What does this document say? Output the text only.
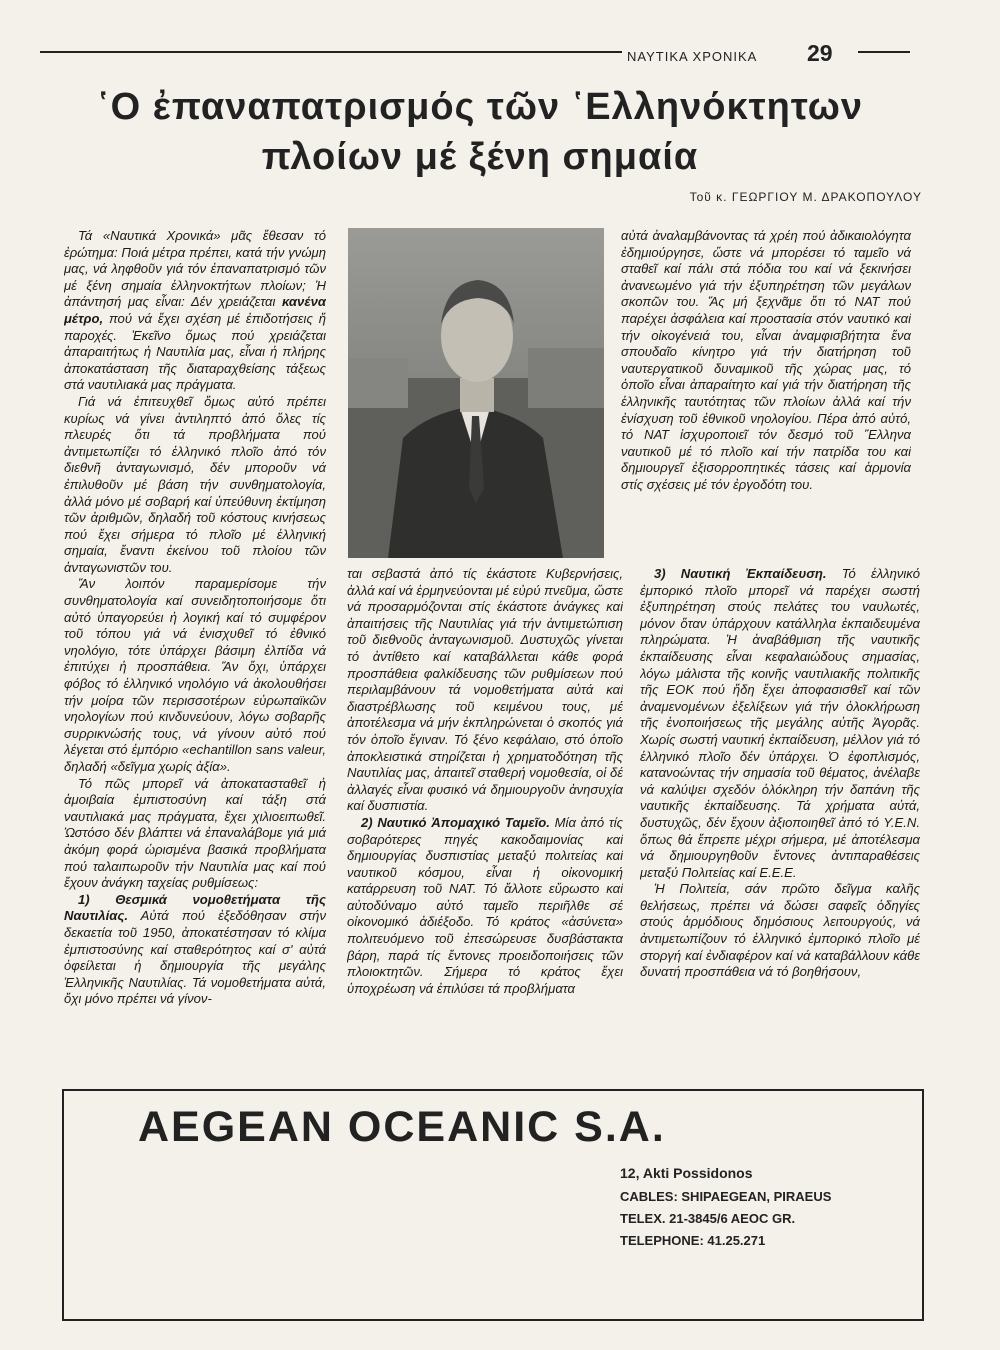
ΝΑΥΤΙΚΑ ΧΡΟΝΙΚΑ 29
῾Ο ἐπαναπατρισμός τῶν ῾Ελληνόκτητων
πλοίων μέ ξένη σημαία
Τοῦ κ. ΓΕΩΡΓΙΟΥ Μ. ΔΡΑΚΟΠΟΥΛΟΥ

Τά «Ναυτικά Χρονικά» μᾶς ἔθεσαν τό ἐρώτημα: Ποιά μέτρα πρέπει, κατά τήν γνώμη μας, νά ληφθοῦν γιά τόν ἐπαναπατρισμό τῶν μέ ξένη σημαία ἑλληνοκτήτων πλοίων; Ἡ ἀπάντησή μας εἶναι: Δέν χρειάζεται κανένα μέτρο, πού νά ἔχει σχέση μέ ἐπιδοτήσεις ἤ παροχές. Ἐκεῖνο ὅμως πού χρειάζεται ἀπαραιτήτως ἡ Ναυτιλία μας, εἶναι ἡ πλήρης ἀποκατάσταση τῆς διαταραχθείσης τάξεως στά ναυτιλιακά μας πράγματα.

Γιά νά ἐπιτευχθεῖ ὅμως αὐτό πρέπει κυρίως νά γίνει ἀντιληπτό ἀπό ὅλες τίς πλευρές ὅτι τά προβλήματα πού ἀντιμετωπίζει τό ἑλληνικό πλοῖο ἀπό τόν διεθνῆ ἀνταγωνισμό, δέν μποροῦν νά ἐπιλυθοῦν μέ βάση τήν συνθηματολογία, ἀλλά μόνο μέ σοβαρή καί ὑπεύθυνη ἐκτίμηση τῶν ἀριθμῶν, δηλαδή τοῦ κόστους κινήσεως πού ἔχει σήμερα τό πλοῖο μέ ἑλληνική σημαία, ἔναντι ἐκείνου τοῦ πλοίου τῶν ἀνταγωνιστῶν του.

Ἄν λοιπόν παραμερίσομε τήν συνθηματολογία καί συνειδητοποιήσομε ὅτι αὐτό ὑπαγορεύει ἡ λογική καί τό συμφέρον τοῦ τόπου γιά νά ἐνισχυθεῖ τό ἐθνικό νηολόγιο, τότε ὑπάρχει βάσιμη ἐλπίδα νά ἐπιτύχει ἡ προσπάθεια. Ἄν ὄχι, ὑπάρχει φόβος τό ἑλληνικό νηολόγιο νά ἀκολουθήσει τήν μοίρα τῶν περισσοτέρων εὐρωπαϊκῶν νηολογίων πού κινδυνεύουν, λόγω σοβαρῆς συρρικνώσής τους, νά γίνουν αὐτό πού λέγεται στό ἐμπόριο «echantillon sans valeur, δηλαδή «δεῖγμα χωρίς ἀξία».

Τό πῶς μπορεῖ νά ἀποκατασταθεῖ ἡ ἀμοιβαία ἐμπιστοσύνη καί τάξη στά ναυτιλιακά μας πράγματα, ἔχει χιλιοειπωθεῖ. Ὡστόσο δέν βλάπτει νά ἐπαναλάβομε γιά μιά ἀκόμη φορά ὡρισμένα βασικά προβλήματα πού ταλαιπωροῦν τήν Ναυτιλία μας καί πού ἔχουν ἀνάγκη ταχείας ρυθμίσεως:

1) Θεσμικά νομοθετήματα τῆς Ναυτιλίας. Αὐτά πού ἐξεδόθησαν στήν δεκαετία τοῦ 1950, ἀποκατέστησαν τό κλίμα ἐμπιστοσύνης καί σταθερότητος καί σ' αὐτά ὀφείλεται ἡ δημιουργία τῆς μεγάλης Ἑλληνικῆς Ναυτιλίας. Τά νομοθετήματα αὐτά, ὄχι μόνο πρέπει νά γίνον-

αὐτά ἀναλαμβάνοντας τά χρέη πού ἀδικαιολόγητα ἐδημιούργησε, ὥστε νά μπορέσει τό ταμεῖο νά σταθεῖ καί πάλι στά πόδια του καί νά ξεκινήσει ἀνανεωμένο γιά τήν ἐξυπηρέτηση τῶν μεγάλων σκοπῶν του. Ἄς μή ξεχνᾶμε ὅτι τό ΝΑΤ πού παρέχει ἀσφάλεια καί προστασία στόν ναυτικό καί τήν οἰκογένειά του, εἶναι ἀναμφισβήτητα ἕνα σπουδαῖο κίνητρο γιά τήν διατήρηση τοῦ ναυτεργατικοῦ δυναμικοῦ τῆς χώρας μας, τό ὁποῖο εἶναι ἀπαραίτητο καί γιά τήν διατήρηση τῆς ἑλληνικῆς ταυτότητας τῶν πλοίων ἀλλά καί τήν ἐνίσχυση τοῦ ἐθνικοῦ νηολογίου. Πέρα ἀπό αὐτό, τό ΝΑΤ ἰσχυροποιεῖ τόν δεσμό τοῦ Ἕλληνα ναυτικοῦ μέ τό πλοῖο καί τήν πατρίδα του καί δημιουργεῖ ἐξισορροπητικές τάσεις καί ἁρμονία στίς σχέσεις μέ τόν ἐργοδότη του.

ται σεβαστά ἀπό τίς ἑκάστοτε Κυβερνήσεις, ἀλλά καί νά ἑρμηνεύονται μέ εὐρύ πνεῦμα, ὥστε νά προσαρμόζονται στίς ἑκάστοτε ἀνάγκες καί ἀπαιτήσεις τῆς Ναυτιλίας γιά τήν ἀντιμετώπιση τοῦ διεθνοῦς ἀνταγωνισμοῦ. Δυστυχῶς γίνεται τό ἀντίθετο καί καταβάλλεται κάθε φορά προσπάθεια φαλκίδευσης τῶν ρυθμίσεων πού περιλαμβάνουν τά νομοθετήματα αὐτά καί διαστρέβλωσης τοῦ κειμένου τους, μέ ἀποτέλεσμα νά μήν ἐκπληρώνεται ὁ σκοπός γιά τόν ὁποῖο ἔγιναν. Τό ξένο κεφάλαιο, στό ὁποῖο ἀποκλειστικά στηρίζεται ἡ χρηματοδότηση τῆς Ναυτιλίας μας, ἀπαιτεῖ σταθερή νομοθεσία, οἱ δέ ἀλλαγές εἶναι φυσικό νά δημιουργοῦν ἀνησυχία καί δυσπιστία.

2) Ναυτικό Ἀπομαχικό Ταμεῖο. Μία ἀπό τίς σοβαρότερες πηγές κακοδαιμονίας καί δημιουργίας δυσπιστίας μεταξύ πολιτείας καί ναυτικοῦ κόσμου, εἶναι ἡ οἰκονομική κατάρρευση τοῦ ΝΑΤ. Τό ἄλλοτε εὔρωστο καί αὐτοδύναμο αὐτό ταμεῖο περιῆλθε σέ οἰκονομικό ἀδιέξοδο. Τό κράτος «ἀσύνετα» πολιτευόμενο τοῦ ἐπεσώρευσε δυσβάστακτα βάρη, παρά τίς ἔντονες προειδοποιήσεις τῶν πλοιοκτητῶν. Σήμερα τό κράτος ἔχει ὑποχρέωση νά ἐπιλύσει τά προβλήματα

3) Ναυτική Ἐκπαίδευση. Τό ἑλληνικό ἐμπορικό πλοῖο μπορεῖ νά παρέχει σωστή ἐξυπηρέτηση στούς πελάτες του ναυλωτές, μόνον ὅταν ὑπάρχουν κατάλληλα ἐκπαιδευμένα πληρώματα. Ἡ ἀναβάθμιση τῆς ναυτικῆς ἐκπαίδευσης εἶναι κεφαλαιώδους σημασίας, λόγω μάλιστα τῆς κοινῆς ναυτιλιακῆς πολιτικῆς τῆς ΕΟΚ πού ἤδη ἔχει ἀποφασισθεῖ καί τῶν ἀναμενομένων ἐξελίξεων γιά τήν ὁλοκλήρωση τῆς ἑνοποιήσεως τῆς μεγάλης αὐτῆς Ἀγορᾶς. Χωρίς σωστή ναυτική ἐκπαίδευση, μέλλον γιά τό ἑλληνικό πλοῖο δέν ὑπάρχει. Ὁ ἐφοπλισμός, κατανοώντας τήν σημασία τοῦ θέματος, ἀνέλαβε νά καλύψει σχεδόν ὁλόκληρη τήν δαπάνη τῆς ναυτικῆς ἐκπαίδευσης. Τά χρήματα αὐτά, δυστυχῶς, δέν ἔχουν ἀξιοποιηθεῖ ἀπό τό Υ.Ε.Ν. ὅπως θά ἔπρεπε μέχρι σήμερα, μέ ἀποτέλεσμα νά δημιουργηθοῦν ἔντονες ἀντιπαραθέσεις μεταξύ Πολιτείας καί Ε.Ε.Ε.

Ἡ Πολιτεία, σάν πρῶτο δεῖγμα καλῆς θελήσεως, πρέπει νά δώσει σαφεῖς ὁδηγίες στούς ἁρμόδιους δημόσιους λειτουργούς, νά ἀντιμετωπίζουν τό ἑλληνικό ἐμπορικό πλοῖο μέ στοργή καί ἐνδιαφέρον καί νά καταβάλλουν κάθε δυνατή προσπάθεια νά τό βοηθήσουν,

AEGEAN OCEANIC S.A.
12, Akti Possidonos
CABLES: SHIPAEGEAN, PIRAEUS
TELEX. 21-3845/6 AEOC GR.
TELEPHONE: 41.25.271
